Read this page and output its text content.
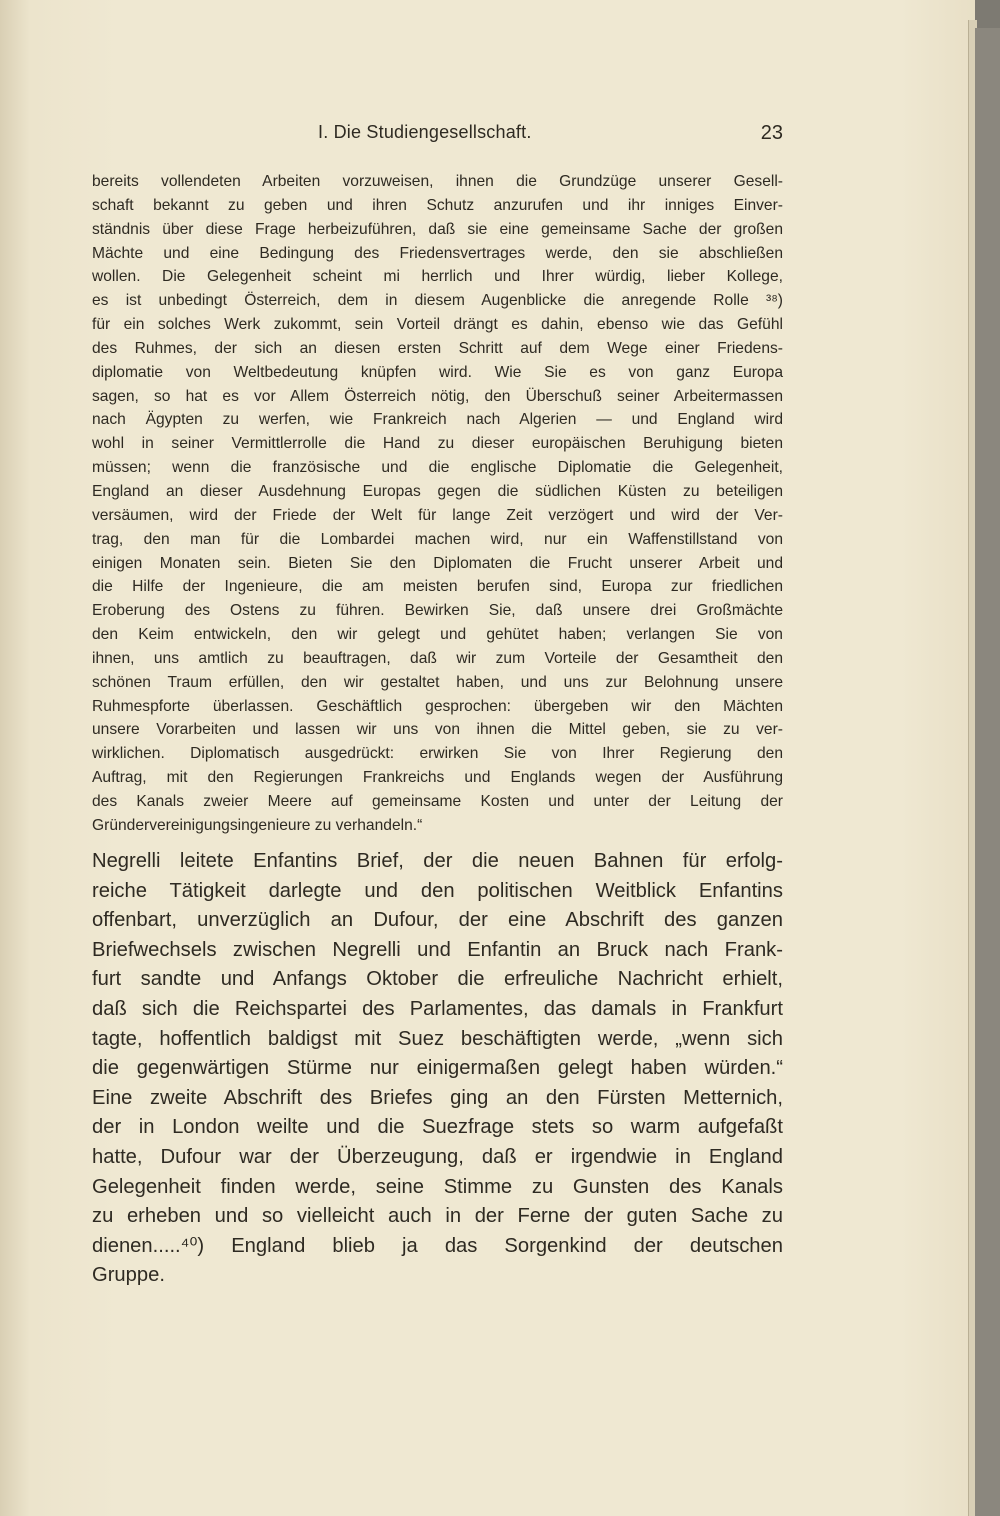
I. Die Studiengesellschaft.	23
bereits vollendeten Arbeiten vorzuweisen, ihnen die Grundzüge unserer Gesell-
schaft bekannt zu geben und ihren Schutz anzurufen und ihr inniges Einver-
ständnis über diese Frage herbeizuführen, daß sie eine gemeinsame Sache der großen
Mächte und eine Bedingung des Friedensvertrages werde, den sie abschließen
wollen. Die Gelegenheit scheint mi herrlich und Ihrer würdig, lieber Kollege,
es ist unbedingt Österreich, dem in diesem Augenblicke die anregende Rolle ³⁸)
für ein solches Werk zukommt, sein Vorteil drängt es dahin, ebenso wie das Gefühl
des Ruhmes, der sich an diesen ersten Schritt auf dem Wege einer Friedens-
diplomatie von Weltbedeutung knüpfen wird. Wie Sie es von ganz Europa
sagen, so hat es vor Allem Österreich nötig, den Überschuß seiner Arbeitermassen
nach Ägypten zu werfen, wie Frankreich nach Algerien — und England wird
wohl in seiner Vermittlerrolle die Hand zu dieser europäischen Beruhigung bieten
müssen; wenn die französische und die englische Diplomatie die Gelegenheit,
England an dieser Ausdehnung Europas gegen die südlichen Küsten zu beteiligen
versäumen, wird der Friede der Welt für lange Zeit verzögert und wird der Ver-
trag, den man für die Lombardei machen wird, nur ein Waffenstillstand von
einigen Monaten sein. Bieten Sie den Diplomaten die Frucht unserer Arbeit und
die Hilfe der Ingenieure, die am meisten berufen sind, Europa zur friedlichen
Eroberung des Ostens zu führen. Bewirken Sie, daß unsere drei Großmächte
den Keim entwickeln, den wir gelegt und gehütet haben; verlangen Sie von
ihnen, uns amtlich zu beauftragen, daß wir zum Vorteile der Gesamtheit den
schönen Traum erfüllen, den wir gestaltet haben, und uns zur Belohnung unsere
Ruhmespforte überlassen. Geschäftlich gesprochen: übergeben wir den Mächten
unsere Vorarbeiten und lassen wir uns von ihnen die Mittel geben, sie zu ver-
wirklichen. Diplomatisch ausgedrückt: erwirken Sie von Ihrer Regierung den
Auftrag, mit den Regierungen Frankreichs und Englands wegen der Ausführung
des Kanals zweier Meere auf gemeinsame Kosten und unter der Leitung der
Gründervereinigungsingenieure zu verhandeln.“
Negrelli leitete Enfantins Brief, der die neuen Bahnen für erfolg-
reiche Tätigkeit darlegte und den politischen Weitblick Enfantins
offenbart, unverzüglich an Dufour, der eine Abschrift des ganzen
Briefwechsels zwischen Negrelli und Enfantin an Bruck nach Frank-
furt sandte und Anfangs Oktober die erfreuliche Nachricht erhielt,
daß sich die Reichspartei des Parlamentes, das damals in Frankfurt
tagte, hoffentlich baldigst mit Suez beschäftigten werde, „wenn sich
die gegenwärtigen Stürme nur einigermaßen gelegt haben würden.“
Eine zweite Abschrift des Briefes ging an den Fürsten Metternich,
der in London weilte und die Suezfrage stets so warm aufgefaßt
hatte, Dufour war der Überzeugung, daß er irgendwie in England
Gelegenheit finden werde, seine Stimme zu Gunsten des Kanals
zu erheben und so vielleicht auch in der Ferne der guten Sache zu
dienen.....⁴⁰) England blieb ja das Sorgenkind der deutschen
Gruppe.
